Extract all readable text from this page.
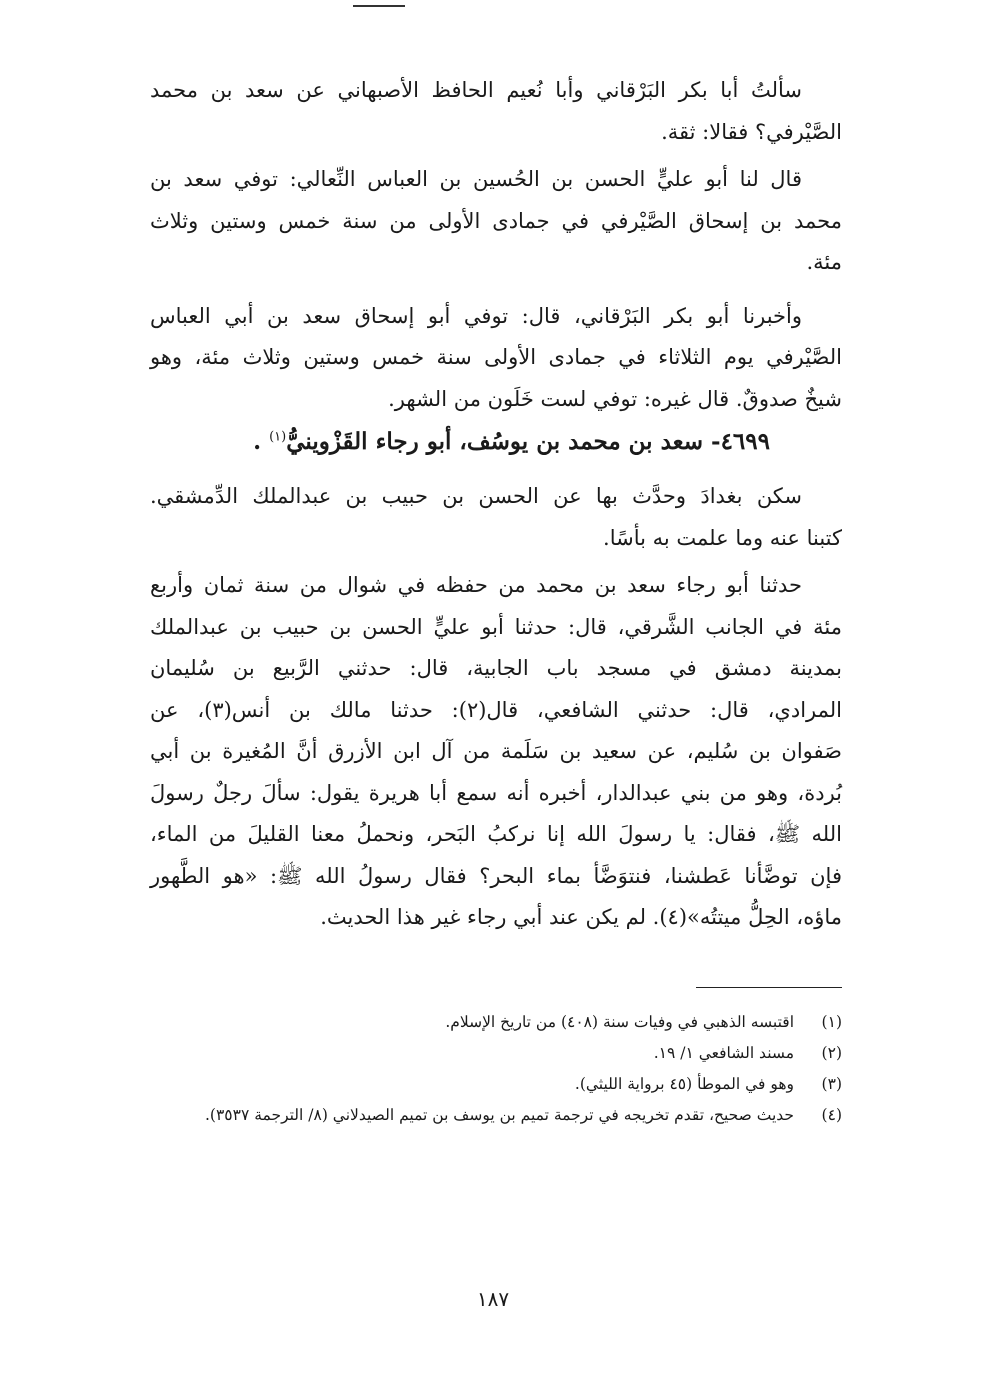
سألتُ أبا بكر البَرْقاني وأبا نُعيم الحافظ الأصبهاني عن سعد بن محمد
الصَّيْرفي؟ فقالا: ثقة.

قال لنا أبو عليٍّ الحسن بن الحُسين بن العباس النِّعالي: توفي سعد بن
محمد بن إسحاق الصَّيْرفي في جمادى الأولى من سنة خمس وستين وثلاث
مئة.

وأخبرنا أبو بكر البَرْقاني، قال: توفي أبو إسحاق سعد بن أبي العباس
الصَّيْرفي يوم الثلاثاء في جمادى الأولى سنة خمس وستين وثلاث مئة، وهو
شيخٌ صدوقٌ. قال غيره: توفي لست خَلَون من الشهر.

٤٦٩٩- سعد بن محمد بن يوسُف، أبو رجاء القَزْوينيُّ$^{(١)}$ .

سكن بغدادَ وحدَّث بها عن الحسن بن حبيب بن عبدالملك الدِّمشقي.
كتبنا عنه وما علمت به بأسًا.

حدثنا أبو رجاء سعد بن محمد من حفظه في شوال من سنة ثمان وأربع
مئة في الجانب الشَّرقي، قال: حدثنا أبو عليٍّ الحسن بن حبيب بن عبدالملك
بمدينة دمشق في مسجد باب الجابية، قال: حدثني الرَّبيع بن سُليمان
المرادي، قال: حدثني الشافعي، قال(٢): حدثنا مالك بن أنس(٣)، عن
صَفوان بن سُليم، عن سعيد بن سَلَمة من آل ابن الأزرق أنَّ المُغيرة بن أبي
بُردة، وهو من بني عبدالدار، أخبره أنه سمع أبا هريرة يقول: سألَ رجلٌ رسولَ
الله ﷺ، فقال: يا رسولَ الله إنا نركبُ البَحر، ونحملُ معنا القليلَ من الماء،
فإن توضَّأنا عَطشنا، فنتوَضَّأ بماء البحر؟ فقال رسولُ الله ﷺ: «هو الطَّهور
ماؤه، الحِلُّ ميتتُه»(٤). لم يكن عند أبي رجاء غير هذا الحديث.

(١)
اقتبسه الذهبي في وفيات سنة (٤٠٨) من تاريخ الإسلام.
(٢)
مسند الشافعي ١/ ١٩.
(٣)
وهو في الموطأ (٤٥ برواية الليثي).
(٤)
حديث صحيح، تقدم تخريجه في ترجمة تميم بن يوسف بن تميم الصيدلاني (٨/ الترجمة ٣٥٣٧).
١٨٧
